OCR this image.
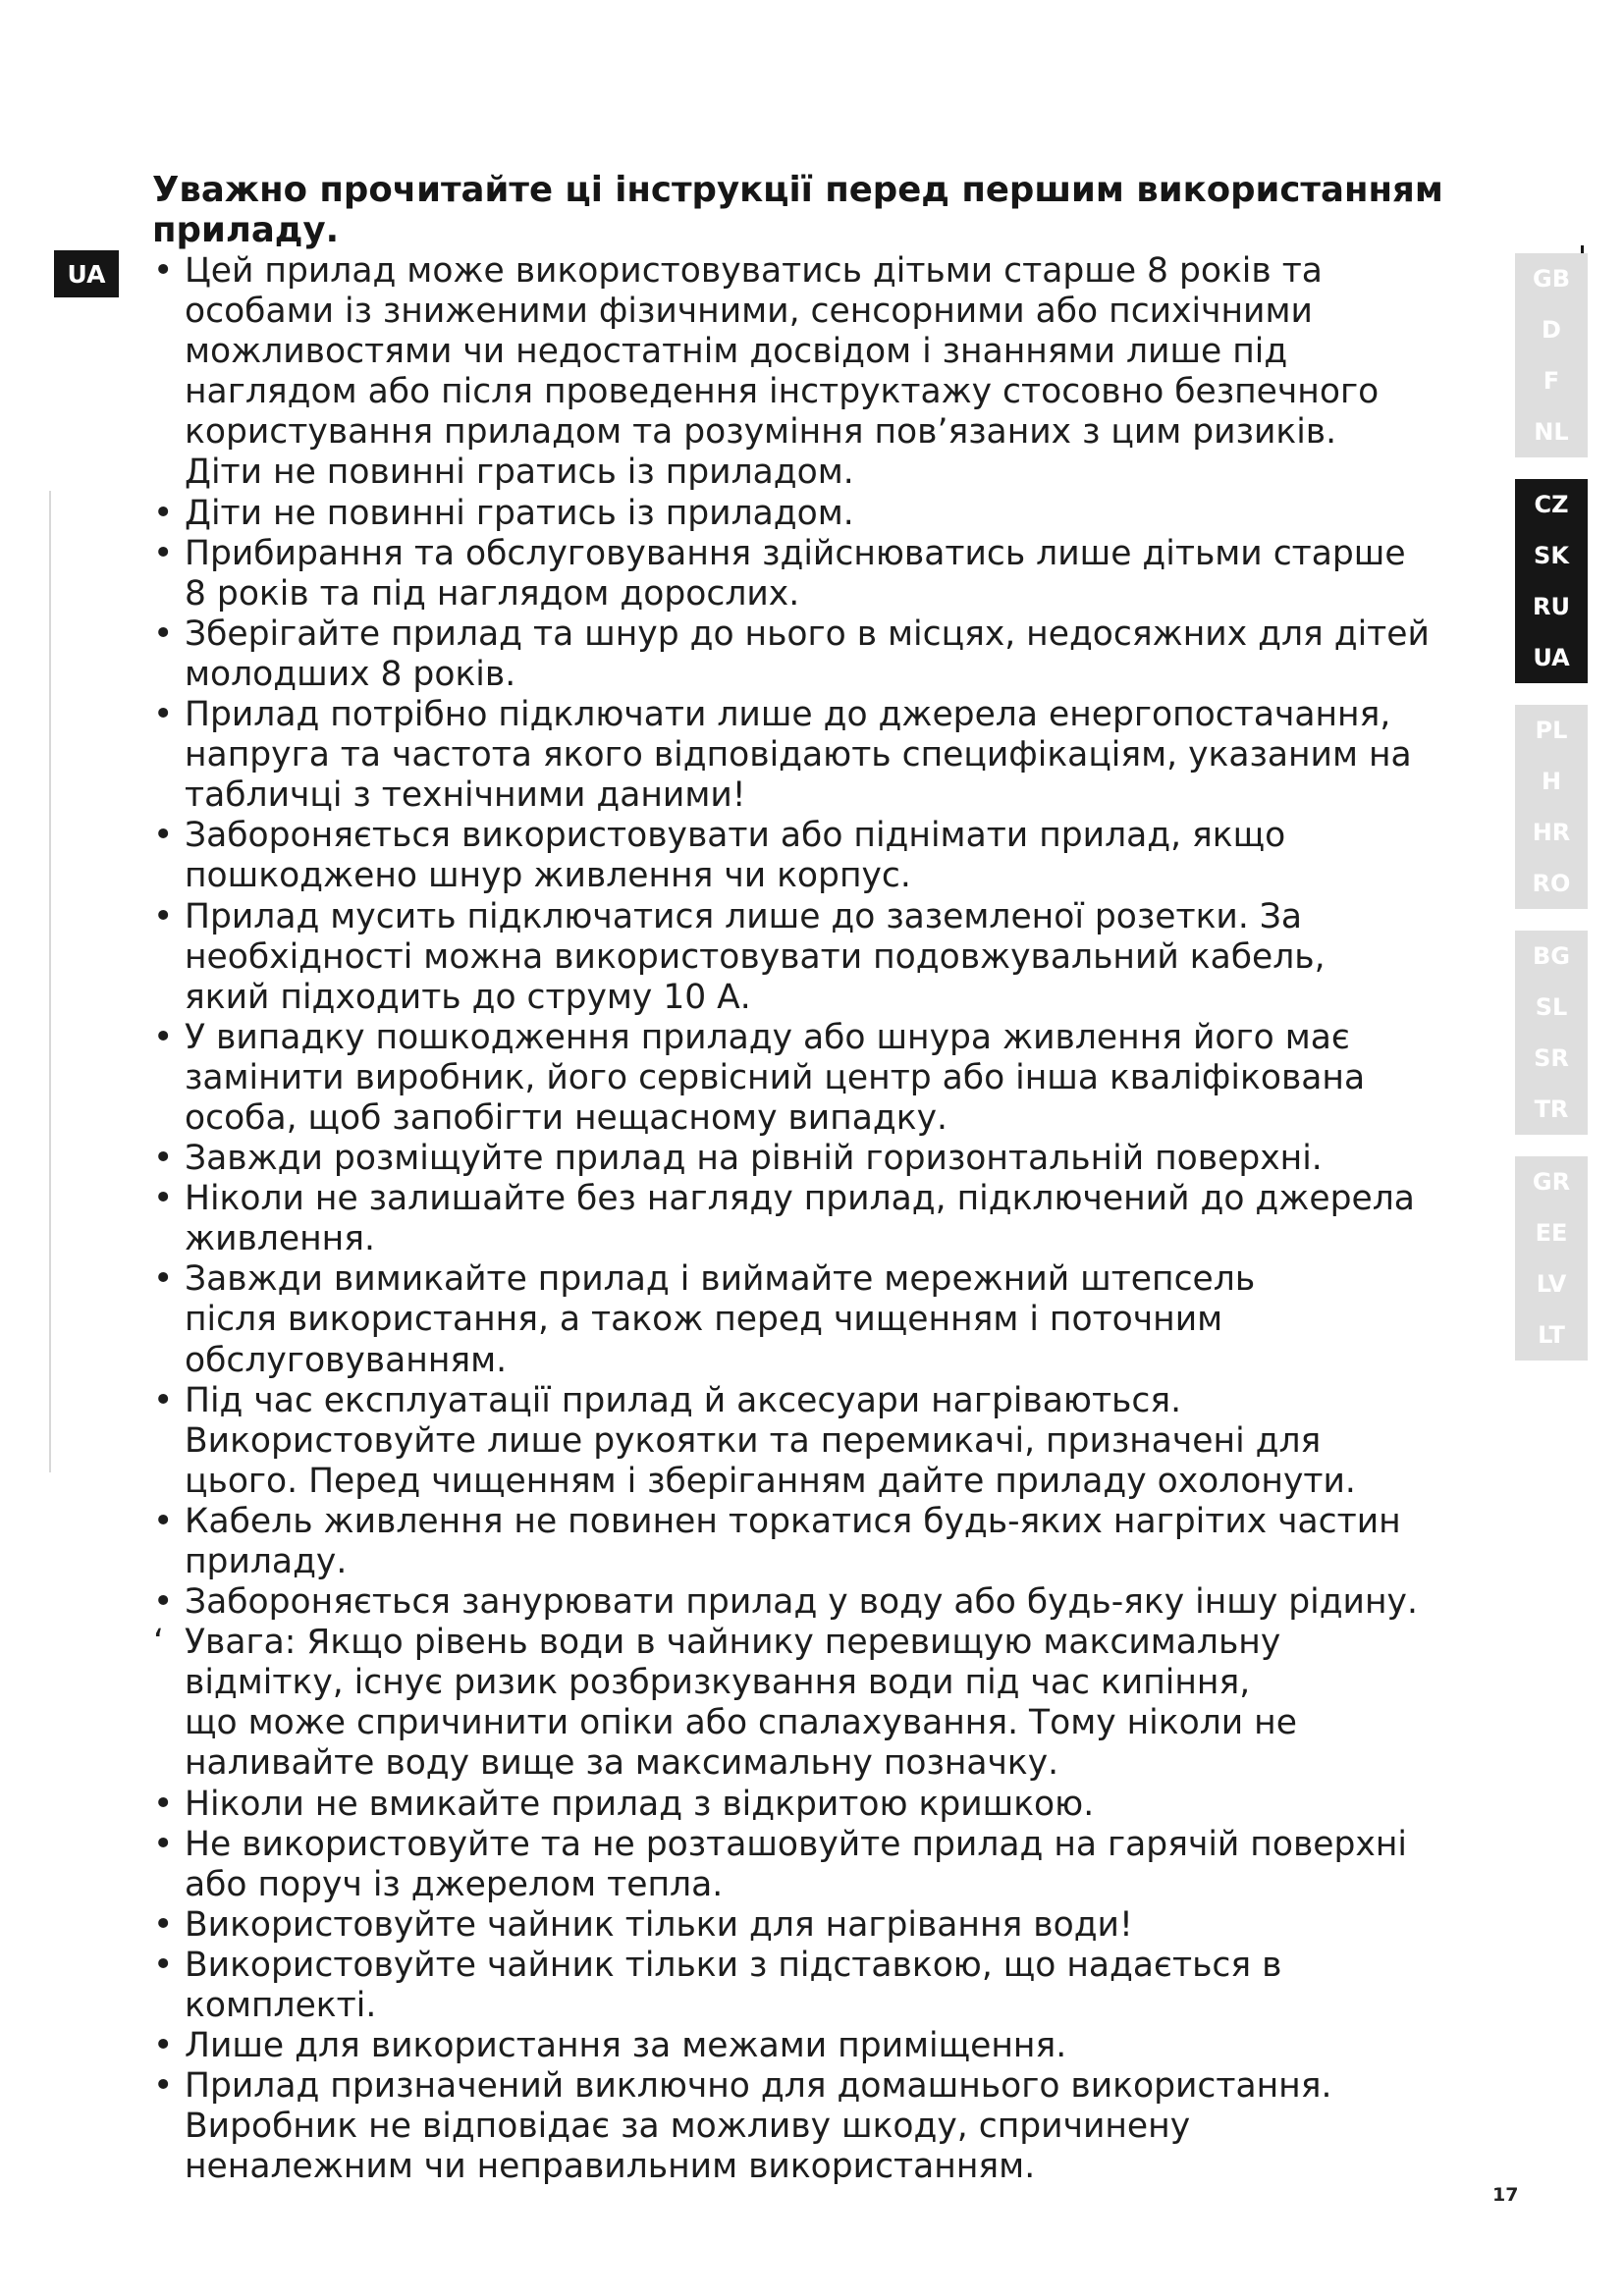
UA
Уважно прочитайте ці інструкції перед першим використанням приладу.
• Цей прилад може використовуватись дітьми старше 8 років та
особами із зниженими фізичними, сенсорними або психічними
можливостями чи недостатнім досвідом і знаннями лише під
наглядом або після проведення інструктажу стосовно безпечного
користування приладом та розуміння пов’язаних з цим ризиків.
Діти не повинні гратись із приладом.
• Діти не повинні гратись із приладом.
• Прибирання та обслуговування здійснюватись лише дітьми старше
8 років та під наглядом дорослих.
• Зберігайте прилад та шнур до нього в місцях, недосяжних для дітей
молодших 8 років.
• Прилад потрібно підключати лише до джерела енергопостачання,
напруга та частота якого відповідають специфікаціям, указаним на
табличці з технічними даними!
• Забороняється використовувати або піднімати прилад, якщо
пошкоджено шнур живлення чи корпус.
• Прилад мусить підключатися лише до заземленої розетки. За
необхідності можна використовувати подовжувальний кабель,
який підходить до струму 10 А.
• У випадку пошкодження приладу або шнура живлення його має
замінити виробник, його сервісний центр або інша кваліфікована
особа, щоб запобігти нещасному випадку.
• Завжди розміщуйте прилад на рівній горизонтальній поверхні.
• Ніколи не залишайте без нагляду прилад, підключений до джерела
живлення.
• Завжди вимикайте прилад і виймайте мережний штепсель
після використання, а також перед чищенням і поточним
обслуговуванням.
• Під час експлуатації прилад й аксесуари нагріваються.
Використовуйте лише рукоятки та перемикачі, призначені для
цього. Перед чищенням і зберіганням дайте приладу охолонути.
• Кабель живлення не повинен торкатися будь-яких нагрітих частин
приладу.
• Забороняється занурювати прилад у воду або будь-яку іншу рідину.
‘ Увага: Якщо рівень води в чайнику перевищую максимальну
відмітку, існує ризик розбризкування води під час кипіння,
що може спричинити опіки або спалахування. Тому ніколи не
наливайте воду вище за максимальну позначку.
• Ніколи не вмикайте прилад з відкритою кришкою.
• Не використовуйте та не розташовуйте прилад на гарячій поверхні
або поруч із джерелом тепла.
• Використовуйте чайник тільки для нагрівання води!
• Використовуйте чайник тільки з підставкою, що надається в
комплекті.
• Лише для використання за межами приміщення.
• Прилад призначений виключно для домашнього використання.
Виробник не відповідає за можливу шкоду, спричинену
неналежним чи неправильним використанням.
GB
D
F
NL
CZ
SK
RU
UA
PL
H
HR
RO
BG
SL
SR
TR
GR
EE
LV
LT
17
